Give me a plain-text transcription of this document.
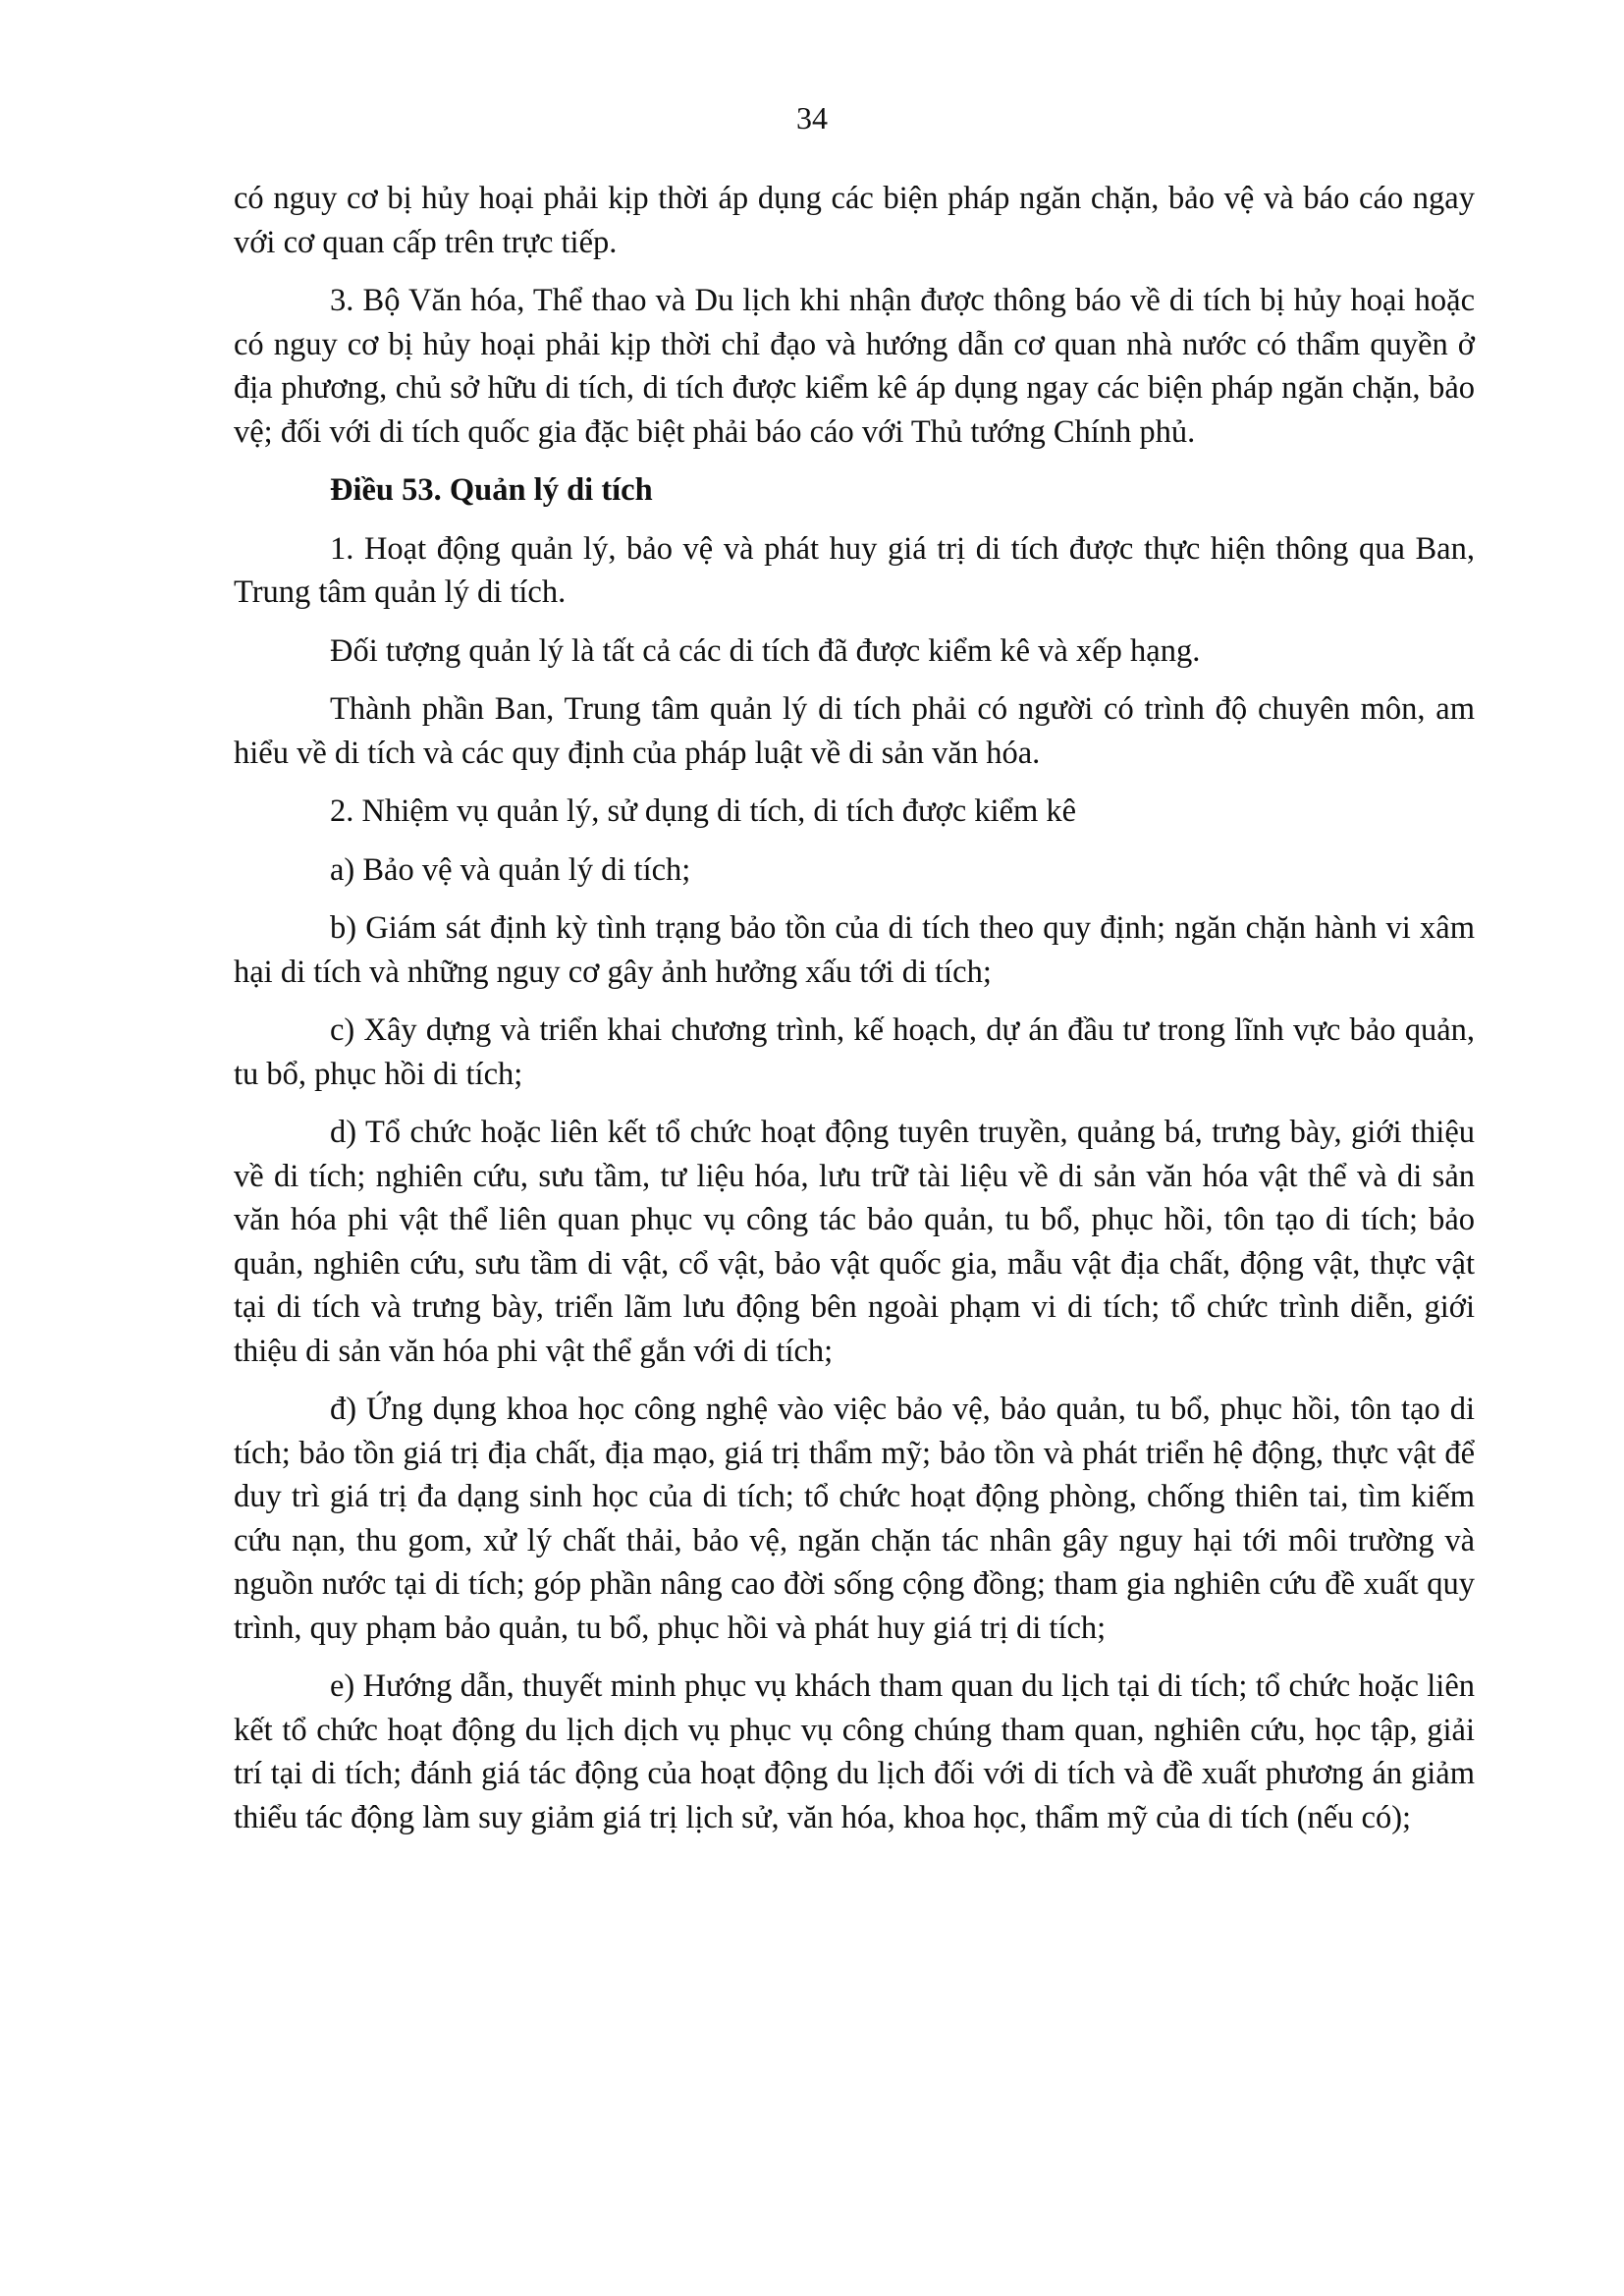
34

có nguy cơ bị hủy hoại phải kịp thời áp dụng các biện pháp ngăn chặn, bảo vệ và báo cáo ngay với cơ quan cấp trên trực tiếp.

3. Bộ Văn hóa, Thể thao và Du lịch khi nhận được thông báo về di tích bị hủy hoại hoặc có nguy cơ bị hủy hoại phải kịp thời chỉ đạo và hướng dẫn cơ quan nhà nước có thẩm quyền ở địa phương, chủ sở hữu di tích, di tích được kiểm kê áp dụng ngay các biện pháp ngăn chặn, bảo vệ; đối với di tích quốc gia đặc biệt phải báo cáo với Thủ tướng Chính phủ.

Điều 53. Quản lý di tích

1. Hoạt động quản lý, bảo vệ và phát huy giá trị di tích được thực hiện thông qua Ban, Trung tâm quản lý di tích.

Đối tượng quản lý là tất cả các di tích đã được kiểm kê và xếp hạng.

Thành phần Ban, Trung tâm quản lý di tích phải có người có trình độ chuyên môn, am hiểu về di tích và các quy định của pháp luật về di sản văn hóa.

2. Nhiệm vụ quản lý, sử dụng di tích, di tích được kiểm kê

a) Bảo vệ và quản lý di tích;

b) Giám sát định kỳ tình trạng bảo tồn của di tích theo quy định; ngăn chặn hành vi xâm hại di tích và những nguy cơ gây ảnh hưởng xấu tới di tích;

c) Xây dựng và triển khai chương trình, kế hoạch, dự án đầu tư trong lĩnh vực bảo quản, tu bổ, phục hồi di tích;

d) Tổ chức hoặc liên kết tổ chức hoạt động tuyên truyền, quảng bá, trưng bày, giới thiệu về di tích; nghiên cứu, sưu tầm, tư liệu hóa, lưu trữ tài liệu về di sản văn hóa vật thể và di sản văn hóa phi vật thể liên quan phục vụ công tác bảo quản, tu bổ, phục hồi, tôn tạo di tích; bảo quản, nghiên cứu, sưu tầm di vật, cổ vật, bảo vật quốc gia, mẫu vật địa chất, động vật, thực vật tại di tích và trưng bày, triển lãm lưu động bên ngoài phạm vi di tích; tổ chức trình diễn, giới thiệu di sản văn hóa phi vật thể gắn với di tích;

đ) Ứng dụng khoa học công nghệ vào việc bảo vệ, bảo quản, tu bổ, phục hồi, tôn tạo di tích; bảo tồn giá trị địa chất, địa mạo, giá trị thẩm mỹ; bảo tồn và phát triển hệ động, thực vật để duy trì giá trị đa dạng sinh học của di tích; tổ chức hoạt động phòng, chống thiên tai, tìm kiếm cứu nạn, thu gom, xử lý chất thải, bảo vệ, ngăn chặn tác nhân gây nguy hại tới môi trường và nguồn nước tại di tích; góp phần nâng cao đời sống cộng đồng; tham gia nghiên cứu đề xuất quy trình, quy phạm bảo quản, tu bổ, phục hồi và phát huy giá trị di tích;

e) Hướng dẫn, thuyết minh phục vụ khách tham quan du lịch tại di tích; tổ chức hoặc liên kết tổ chức hoạt động du lịch dịch vụ phục vụ công chúng tham quan, nghiên cứu, học tập, giải trí tại di tích; đánh giá tác động của hoạt động du lịch đối với di tích và đề xuất phương án giảm thiểu tác động làm suy giảm giá trị lịch sử, văn hóa, khoa học, thẩm mỹ của di tích (nếu có);
